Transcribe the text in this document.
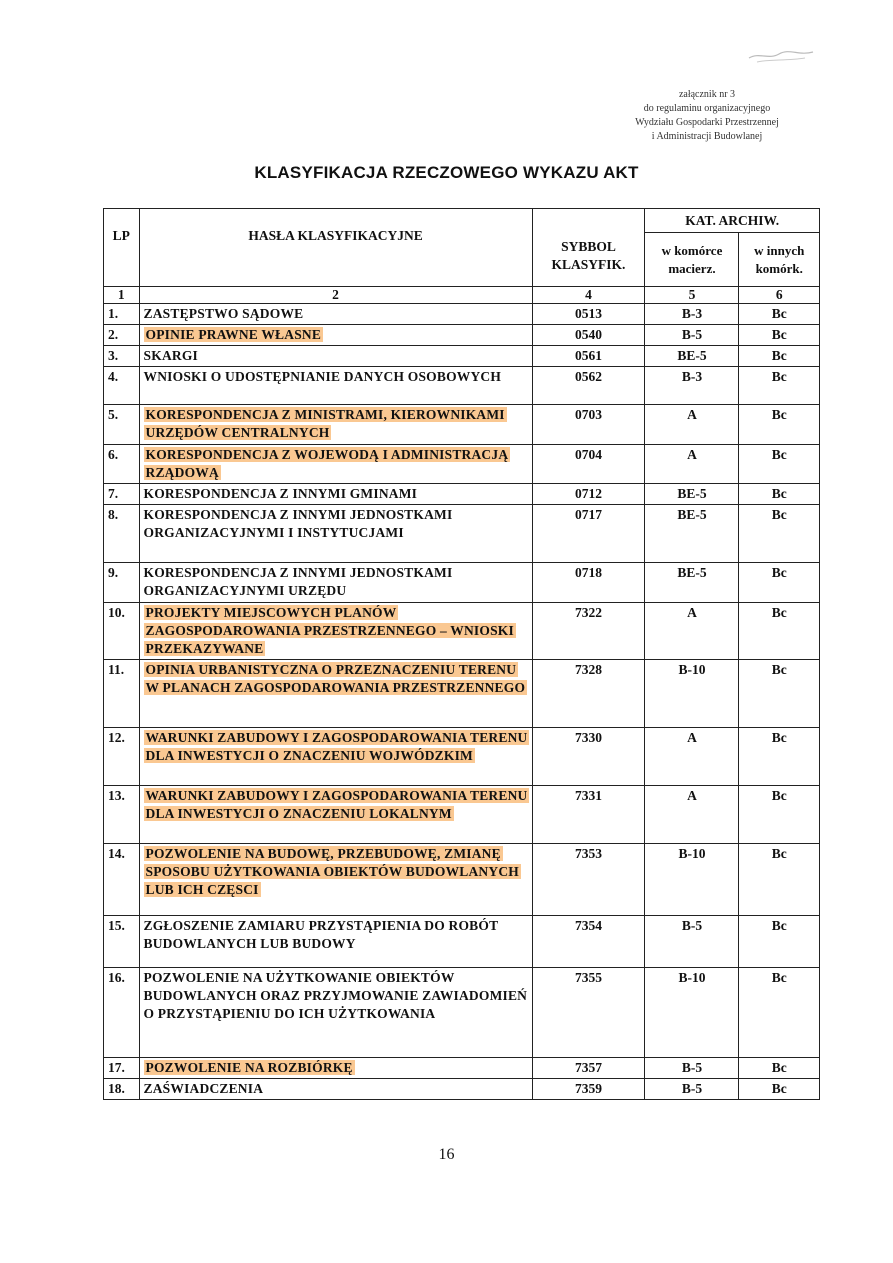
załącznik nr 3
do regulaminu organizacyjnego
Wydziału Gospodarki Przestrzennej
i Administracji Budowlanej
KLASYFIKACJA RZECZOWEGO WYKAZU AKT
LP	HASŁA KLASYFIKACYJNE	SYBBOL KLASYFIK.	KAT. ARCHIW.	
			w komórce macierz.	w innych komórk.
1	2	4	5	6
1.	ZASTĘPSTWO SĄDOWE	0513	B-3	Bc
2.	OPINIE PRAWNE WŁASNE	0540	B-5	Bc
3.	SKARGI	0561	BE-5	Bc
4.	WNIOSKI O UDOSTĘPNIANIE DANYCH OSOBOWYCH	0562	B-3	Bc
5.	KORESPONDENCJA Z MINISTRAMI, KIEROWNIKAMI URZĘDÓW CENTRALNYCH	0703	A	Bc
6.	KORESPONDENCJA Z WOJEWODĄ I ADMINISTRACJĄ RZĄDOWĄ	0704	A	Bc
7.	KORESPONDENCJA Z INNYMI GMINAMI	0712	BE-5	Bc
8.	KORESPONDENCJA Z INNYMI JEDNOSTKAMI ORGANIZACYJNYMI I INSTYTUCJAMI	0717	BE-5	Bc
9.	KORESPONDENCJA Z INNYMI JEDNOSTKAMI ORGANIZACYJNYMI URZĘDU	0718	BE-5	Bc
10.	PROJEKTY MIEJSCOWYCH PLANÓW ZAGOSPODAROWANIA PRZESTRZENNEGO – WNIOSKI PRZEKAZYWANE	7322	A	Bc
11.	OPINIA URBANISTYCZNA O PRZEZNACZENIU TERENU W PLANACH ZAGOSPODAROWANIA PRZESTRZENNEGO	7328	B-10	Bc
12.	WARUNKI ZABUDOWY I ZAGOSPODAROWANIA TERENU DLA INWESTYCJI O ZNACZENIU WOJWÓDZKIM	7330	A	Bc
13.	WARUNKI ZABUDOWY I ZAGOSPODAROWANIA TERENU DLA INWESTYCJI O ZNACZENIU LOKALNYM	7331	A	Bc
14.	POZWOLENIE NA BUDOWĘ, PRZEBUDOWĘ, ZMIANĘ SPOSOBU UŻYTKOWANIA OBIEKTÓW BUDOWLANYCH LUB ICH CZĘSCI	7353	B-10	Bc
15.	ZGŁOSZENIE ZAMIARU PRZYSTĄPIENIA DO ROBÓT BUDOWLANYCH LUB BUDOWY	7354	B-5	Bc
16.	POZWOLENIE NA UŻYTKOWANIE OBIEKTÓW BUDOWLANYCH ORAZ PRZYJMOWANIE ZAWIADOMIEŃ O PRZYSTĄPIENIU DO ICH UŻYTKOWANIA	7355	B-10	Bc
17.	POZWOLENIE NA ROZBIÓRKĘ	7357	B-5	Bc
18.	ZAŚWIADCZENIA	7359	B-5	Bc
16
